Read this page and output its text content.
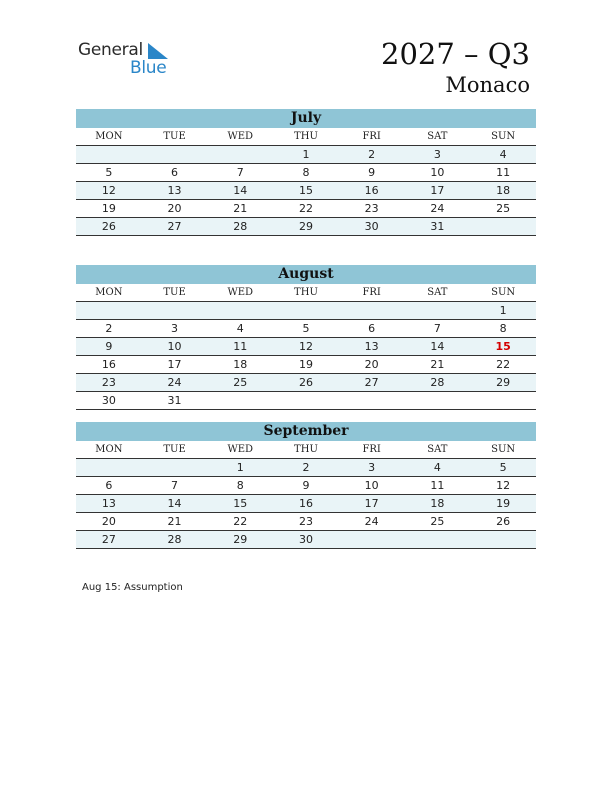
General
Blue	2027 – Q3
Monaco
July
MON	TUE	WED	THU	FRI	SAT	SUN
			1	2	3	4
5	6	7	8	9	10	11
12	13	14	15	16	17	18
19	20	21	22	23	24	25
26	27	28	29	30	31	
August
MON	TUE	WED	THU	FRI	SAT	SUN
						1
2	3	4	5	6	7	8
9	10	11	12	13	14	15
16	17	18	19	20	21	22
23	24	25	26	27	28	29
30	31					
September
MON	TUE	WED	THU	FRI	SAT	SUN
		1	2	3	4	5
6	7	8	9	10	11	12
13	14	15	16	17	18	19
20	21	22	23	24	25	26
27	28	29	30			
Aug 15: Assumption
